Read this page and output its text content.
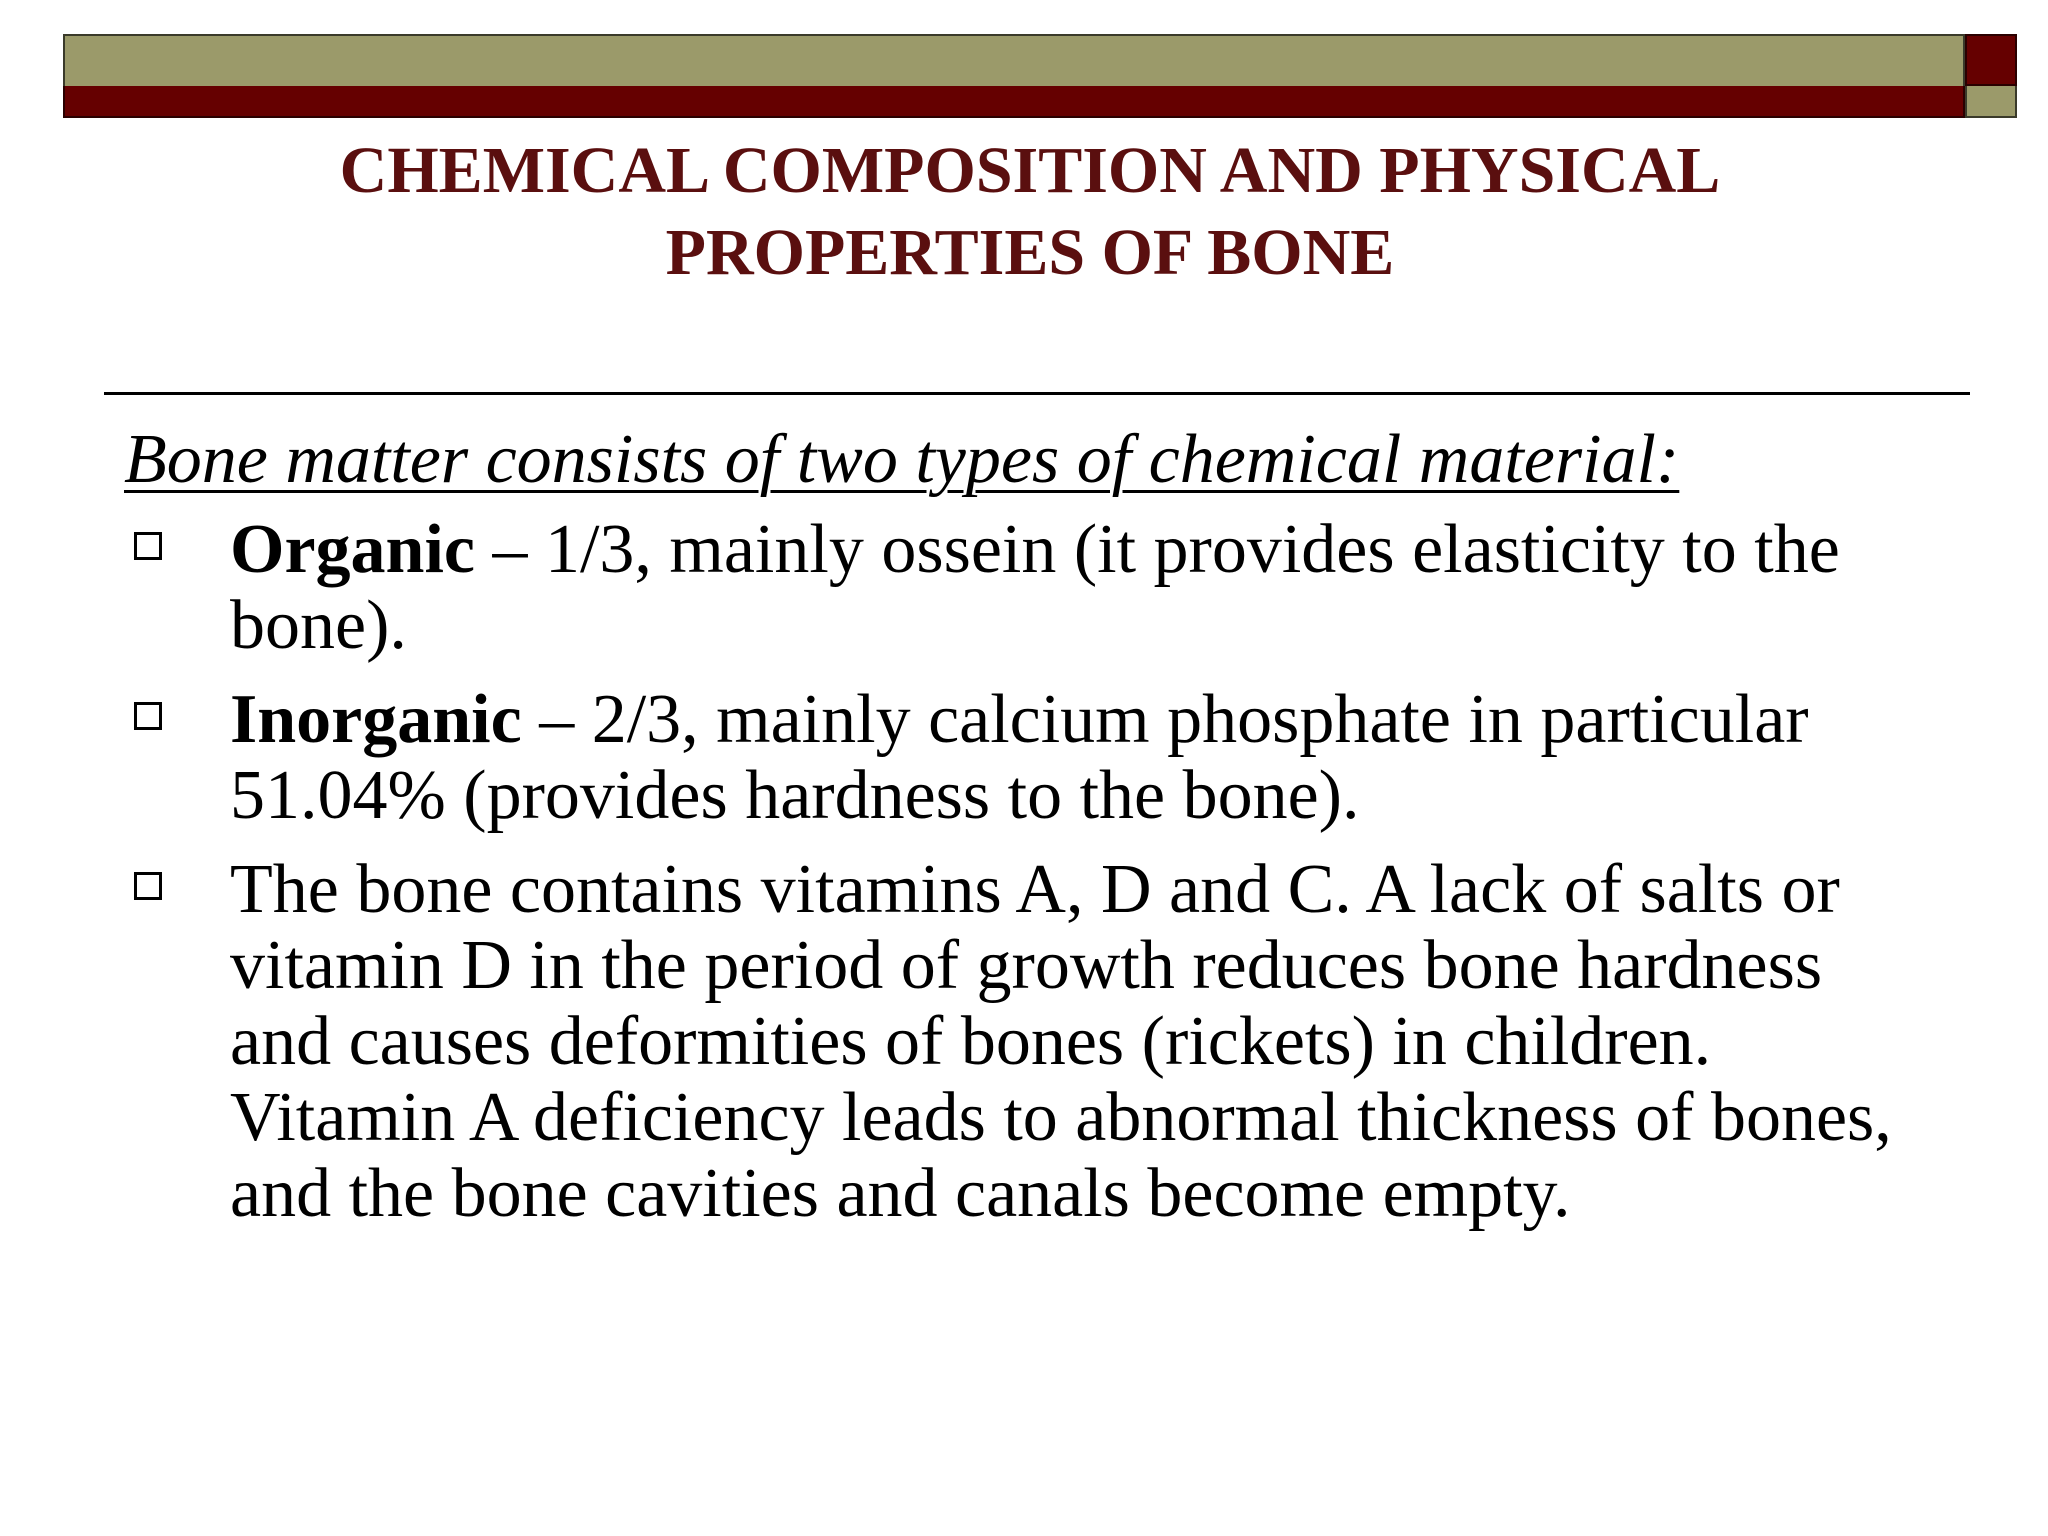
CHEMICAL COMPOSITION AND PHYSICAL
PROPERTIES OF BONE

Bone matter consists of two types of chemical material:

Organic – 1/3, mainly ossein (it provides elasticity to the bone).
Inorganic – 2/3, mainly calcium phosphate in particular 51.04% (provides hardness to the bone).
The bone contains vitamins A, D and C. A lack of salts or vitamin D in the period of growth reduces bone hardness and causes deformities of bones (rickets) in children. Vitamin A deficiency leads to abnormal thickness of bones, and the bone cavities and canals become empty.
